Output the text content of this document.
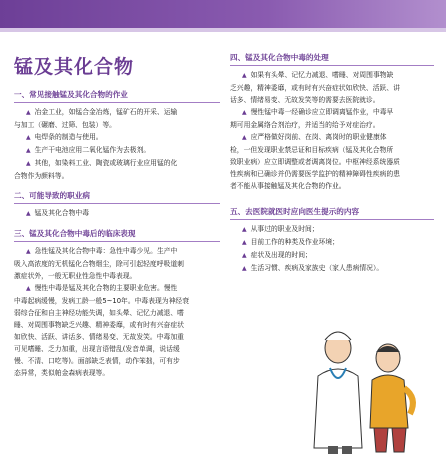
锰及其化合物
一、常见接触锰及其化合物的作业

▲ 冶金工业，如锰合金冶炼，锰矿石的开采、运输

与加工（碾磨、过筛、包装）等。

▲ 电焊条的制造与使用。

▲ 生产干电池应用二氧化锰作为去极剂。

▲ 其他，如染料工业、陶瓷或玻璃行业应用锰的化

合物作为颜料等。

二、可能导致的职业病

▲ 锰及其化合物中毒

三、锰及其化合物中毒后的临床表现

▲ 急性锰及其化合物中毒：急性中毒少见。生产中

吸入高浓度的无机锰化合物烟尘，除可引起轻度呼吸道刺

激症状外，一般无职业性急性中毒表现。

▲ 慢性中毒是锰及其化合物的主要职业危害。慢性

中毒起病缓慢，发病工龄一般5~10年。中毒表现为神经衰

弱综合征和自主神经功能失调，如头晕、记忆力减退、嗜

睡、对周围事物缺乏兴趣、精神委靡，或有时有兴奋症状

如欣快、活跃、讲话多、情绪易变、无故发笑。中毒加重

可见嗜睡、乏力加重，出现言语错乱(发音单调，说话缓

慢、不清、口吃等)。面部缺乏表情，动作笨拙，可有步

态异常，类似帕金森病表现等。

四、锰及其化合物中毒的处理

▲ 如果有头晕、记忆力减退、嗜睡、对周围事物缺

乏兴趣，精神委靡，或有时有兴奋症状如欣快、活跃、讲

话多、情绪易变、无故发笑等的需要去医院就诊。

▲ 慢性锰中毒一经确诊应立即调离锰作业，中毒早

期可用金属络合剂治疗，并适当的给予对症治疗。

▲ 应严格做好岗前、在岗、离岗时的职业健康体

检，一但发现职业禁忌证和目标疾病（锰及其化合物所

致职业病）应立即调整或者调离岗位。中枢神经系统器质

性疾病和已确诊并仍需要医学监护的精神障碍性疾病的患

者不能从事接触锰及其化合物的作业。

五、去医院就医时应向医生提示的内容

▲ 从事过的职业及时间；

▲ 目前工作的种类及作业环境；

▲ 症状及出现的时间；

▲ 生活习惯、疾病及家族史（家人患病情况）。
